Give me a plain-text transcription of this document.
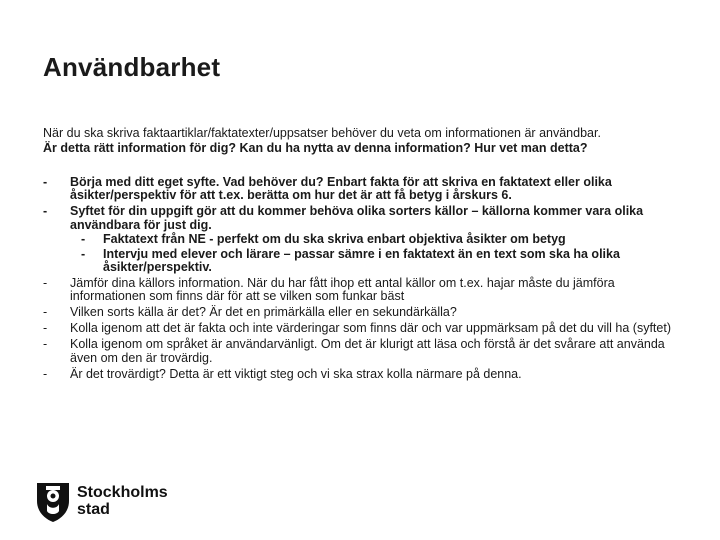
Användbarhet
När du ska skriva faktaartiklar/faktatexter/uppsatser behöver du veta om informationen är användbar.
Är detta rätt information för dig? Kan du ha nytta av denna information? Hur vet man detta?
- Börja med ditt eget syfte. Vad behöver du? Enbart fakta för att skriva en faktatext eller olika åsikter/perspektiv för att t.ex. berätta om hur det är att få betyg i årskurs 6.
- Syftet för din uppgift gör att du kommer behöva olika sorters källor – källorna kommer vara olika användbara för just dig.
- Faktatext från NE - perfekt om du ska skriva enbart objektiva åsikter om betyg
- Intervju med elever och lärare – passar sämre i en faktatext än en text som ska ha olika åsikter/perspektiv.
- Jämför dina källors information. När du har fått ihop ett antal källor om t.ex. hajar måste du jämföra informationen som finns där för att se vilken som funkar bäst
- Vilken sorts källa är det? Är det en primärkälla eller en sekundärkälla?
- Kolla igenom att det är fakta och inte värderingar som finns där och var uppmärksam på det du vill ha (syftet)
- Kolla igenom om språket är användarvänligt. Om det är klurigt att läsa och förstå är det svårare att använda även om den är trovärdig.
- Är det trovärdigt? Detta är ett viktigt steg och vi ska strax kolla närmare på denna.
Stockholms
stad
